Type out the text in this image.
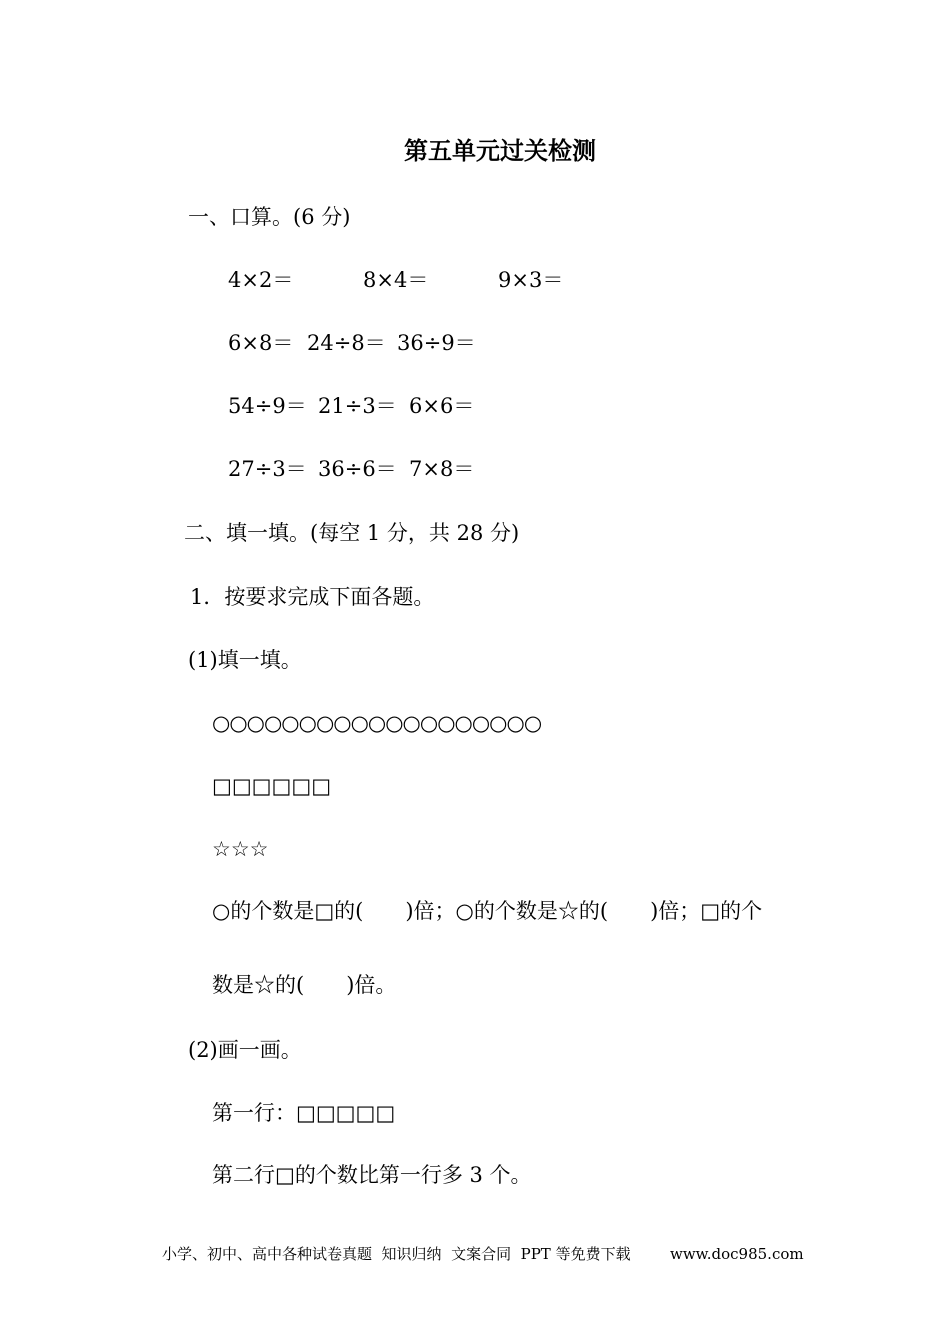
第五单元过关检测
一、口算。(6 分)
4×2＝	8×4＝	9×3＝
6×8＝ 24÷8＝ 36÷9＝
54÷9＝ 21÷3＝ 6×6＝
27÷3＝ 36÷6＝ 7×8＝
二、填一填。(每空 1 分，共 28 分)
1．按要求完成下面各题。
(1)填一填。
○○○○○○○○○○○○○○○○○○○
□□□□□□
☆☆☆
○的个数是□的(　　)倍；○的个数是☆的(　　)倍；□的个
数是☆的(　　)倍。
(2)画一画。
第一行：□□□□□
第二行□的个数比第一行多 3 个。
小学、初中、高中各种试卷真题  知识归纳  文案合同  PPT 等免费下载	www.doc985.com
